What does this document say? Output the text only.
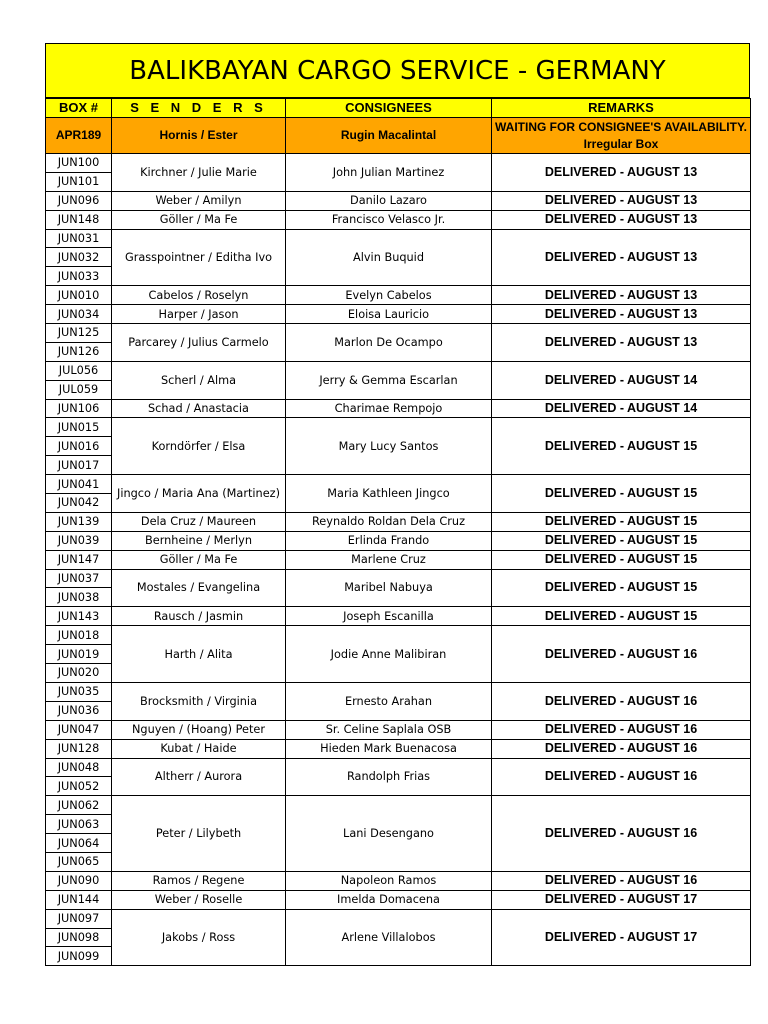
BALIKBAYAN CARGO SERVICE - GERMANY
BOX #	S E N D E R S	CONSIGNEES	REMARKS
APR189	Hornis / Ester	Rugin Macalintal	WAITING FOR CONSIGNEE'S AVAILABILITY. Irregular Box
JUN100	Kirchner / Julie Marie	John Julian Martinez	DELIVERED - AUGUST 13
JUN101			
JUN096	Weber / Amilyn	Danilo Lazaro	DELIVERED - AUGUST 13
JUN148	Göller / Ma Fe	Francisco Velasco Jr.	DELIVERED - AUGUST 13
JUN031	Grasspointner / Editha Ivo	Alvin Buquid	DELIVERED - AUGUST 13
JUN032			
JUN033			
JUN010	Cabelos / Roselyn	Evelyn Cabelos	DELIVERED - AUGUST 13
JUN034	Harper / Jason	Eloisa Lauricio	DELIVERED - AUGUST 13
JUN125	Parcarey / Julius Carmelo	Marlon De Ocampo	DELIVERED - AUGUST 13
JUN126			
JUL056	Scherl / Alma	Jerry & Gemma Escarlan	DELIVERED - AUGUST 14
JUL059			
JUN106	Schad / Anastacia	Charimae Rempojo	DELIVERED - AUGUST 14
JUN015	Korndörfer / Elsa	Mary Lucy Santos	DELIVERED - AUGUST 15
JUN016			
JUN017			
JUN041	Jingco / Maria Ana (Martinez)	Maria Kathleen Jingco	DELIVERED - AUGUST 15
JUN042			
JUN139	Dela Cruz / Maureen	Reynaldo Roldan Dela Cruz	DELIVERED - AUGUST 15
JUN039	Bernheine / Merlyn	Erlinda Frando	DELIVERED - AUGUST 15
JUN147	Göller / Ma Fe	Marlene Cruz	DELIVERED - AUGUST 15
JUN037	Mostales / Evangelina	Maribel Nabuya	DELIVERED - AUGUST 15
JUN038			
JUN143	Rausch / Jasmin	Joseph Escanilla	DELIVERED - AUGUST 15
JUN018	Harth / Alita	Jodie Anne Malibiran	DELIVERED - AUGUST 16
JUN019			
JUN020			
JUN035	Brocksmith / Virginia	Ernesto Arahan	DELIVERED - AUGUST 16
JUN036			
JUN047	Nguyen / (Hoang) Peter	Sr. Celine Saplala OSB	DELIVERED - AUGUST 16
JUN128	Kubat / Haide	Hieden Mark Buenacosa	DELIVERED - AUGUST 16
JUN048	Altherr / Aurora	Randolph Frias	DELIVERED - AUGUST 16
JUN052			
JUN062	Peter / Lilybeth	Lani Desengano	DELIVERED - AUGUST 16
JUN063			
JUN064			
JUN065			
JUN090	Ramos / Regene	Napoleon Ramos	DELIVERED - AUGUST 16
JUN144	Weber / Roselle	Imelda Domacena	DELIVERED - AUGUST 17
JUN097	Jakobs / Ross	Arlene Villalobos	DELIVERED - AUGUST 17
JUN098			
JUN099			
